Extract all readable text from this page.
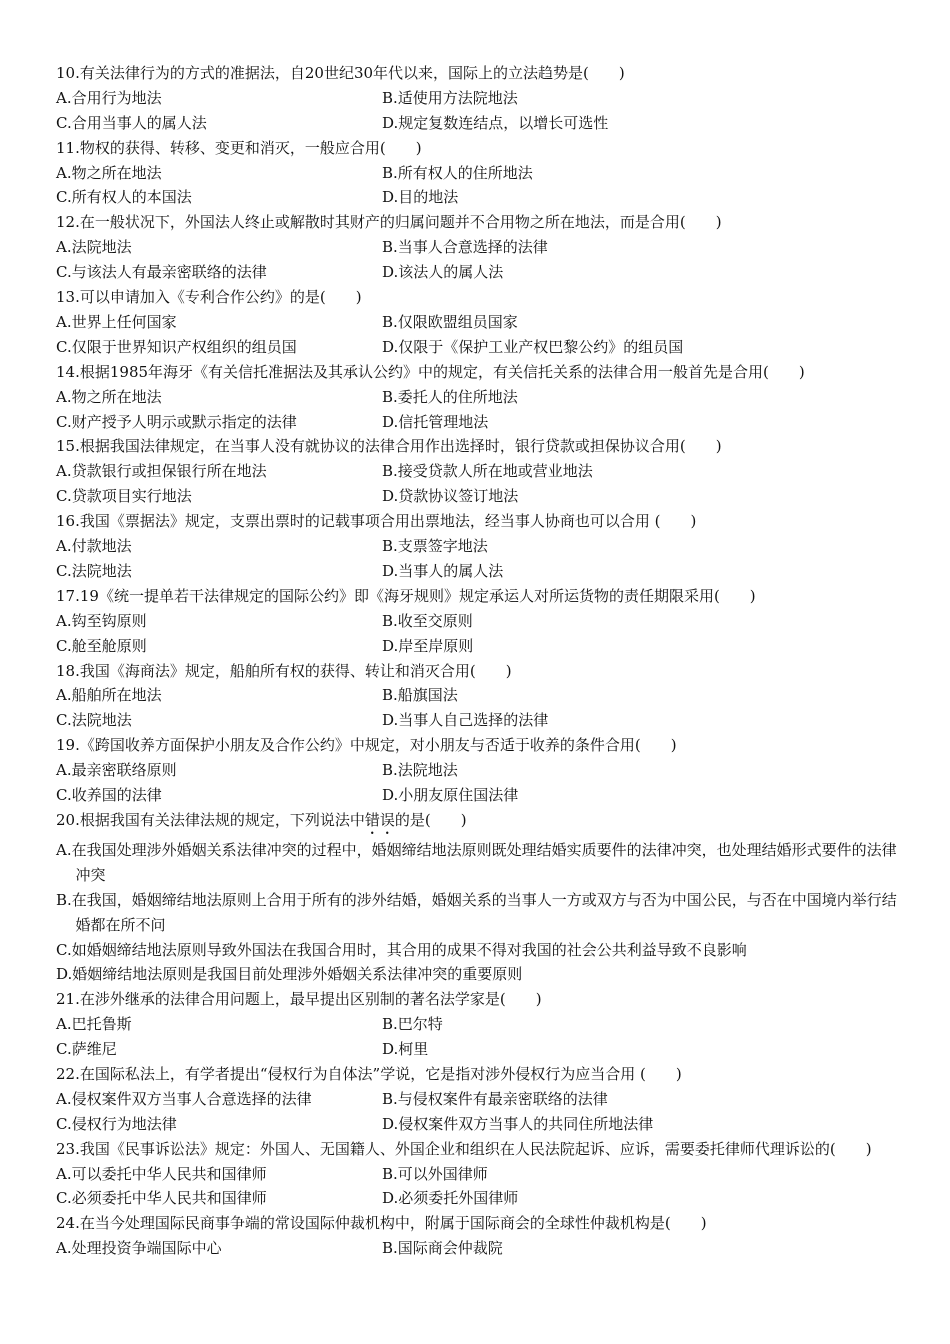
10.有关法律行为的方式的准据法，自20世纪30年代以来，国际上的立法趋势是(　　)
A.合用行为地法	B.适使用方法院地法
C.合用当事人的属人法	D.规定复数连结点，以增长可选性
11.物权的获得、转移、变更和消灭，一般应合用(　　)
A.物之所在地法	B.所有权人的住所地法
C.所有权人的本国法	D.目的地法
12.在一般状况下，外国法人终止或解散时其财产的归属问题并不合用物之所在地法，而是合用(　　)
A.法院地法	B.当事人合意选择的法律
C.与该法人有最亲密联络的法律	D.该法人的属人法
13.可以申请加入《专利合作公约》的是(　　)
A.世界上任何国家	B.仅限欧盟组员国家
C.仅限于世界知识产权组织的组员国	D.仅限于《保护工业产权巴黎公约》的组员国
14.根据1985年海牙《有关信托准据法及其承认公约》中的规定，有关信托关系的法律合用一般首先是合用(　　)
A.物之所在地法	B.委托人的住所地法
C.财产授予人明示或默示指定的法律	D.信托管理地法
15.根据我国法律规定，在当事人没有就协议的法律合用作出选择时，银行贷款或担保协议合用(　　)
A.贷款银行或担保银行所在地法	B.接受贷款人所在地或营业地法
C.贷款项目实行地法	D.贷款协议签订地法
16.我国《票据法》规定，支票出票时的记载事项合用出票地法，经当事人协商也可以合用 (　　)
A.付款地法	B.支票签字地法
C.法院地法	D.当事人的属人法
17.19《统一提单若干法律规定的国际公约》即《海牙规则》规定承运人对所运货物的责任期限采用(　　)
A.钩至钩原则	B.收至交原则
C.舱至舱原则	D.岸至岸原则
18.我国《海商法》规定，船舶所有权的获得、转让和消灭合用(　　)
A.船舶所在地法	B.船旗国法
C.法院地法	D.当事人自己选择的法律
19.《跨国收养方面保护小朋友及合作公约》中规定，对小朋友与否适于收养的条件合用(　　)
A.最亲密联络原则	B.法院地法
C.收养国的法律	D.小朋友原住国法律
20.根据我国有关法律法规的规定，下列说法中错误的是(　　)
A.在我国处理涉外婚姻关系法律冲突的过程中，婚姻缔结地法原则既处理结婚实质要件的法律冲突，也处理结婚形式要件的法律冲突
B.在我国，婚姻缔结地法原则上合用于所有的涉外结婚，婚姻关系的当事人一方或双方与否为中国公民，与否在中国境内举行结婚都在所不问
C.如婚姻缔结地法原则导致外国法在我国合用时，其合用的成果不得对我国的社会公共利益导致不良影响
D.婚姻缔结地法原则是我国目前处理涉外婚姻关系法律冲突的重要原则
21.在涉外继承的法律合用问题上，最早提出区别制的著名法学家是(　　)
A.巴托鲁斯	B.巴尔特
C.萨维尼	D.柯里
22.在国际私法上，有学者提出“侵权行为自体法”学说，它是指对涉外侵权行为应当合用 (　　)
A.侵权案件双方当事人合意选择的法律	B.与侵权案件有最亲密联络的法律
C.侵权行为地法律	D.侵权案件双方当事人的共同住所地法律
23.我国《民事诉讼法》规定：外国人、无国籍人、外国企业和组织在人民法院起诉、应诉，需要委托律师代理诉讼的(　　)
A.可以委托中华人民共和国律师	B.可以外国律师
C.必须委托中华人民共和国律师	D.必须委托外国律师
24.在当今处理国际民商事争端的常设国际仲裁机构中，附属于国际商会的全球性仲裁机构是(　　)
A.处理投资争端国际中心	B.国际商会仲裁院
